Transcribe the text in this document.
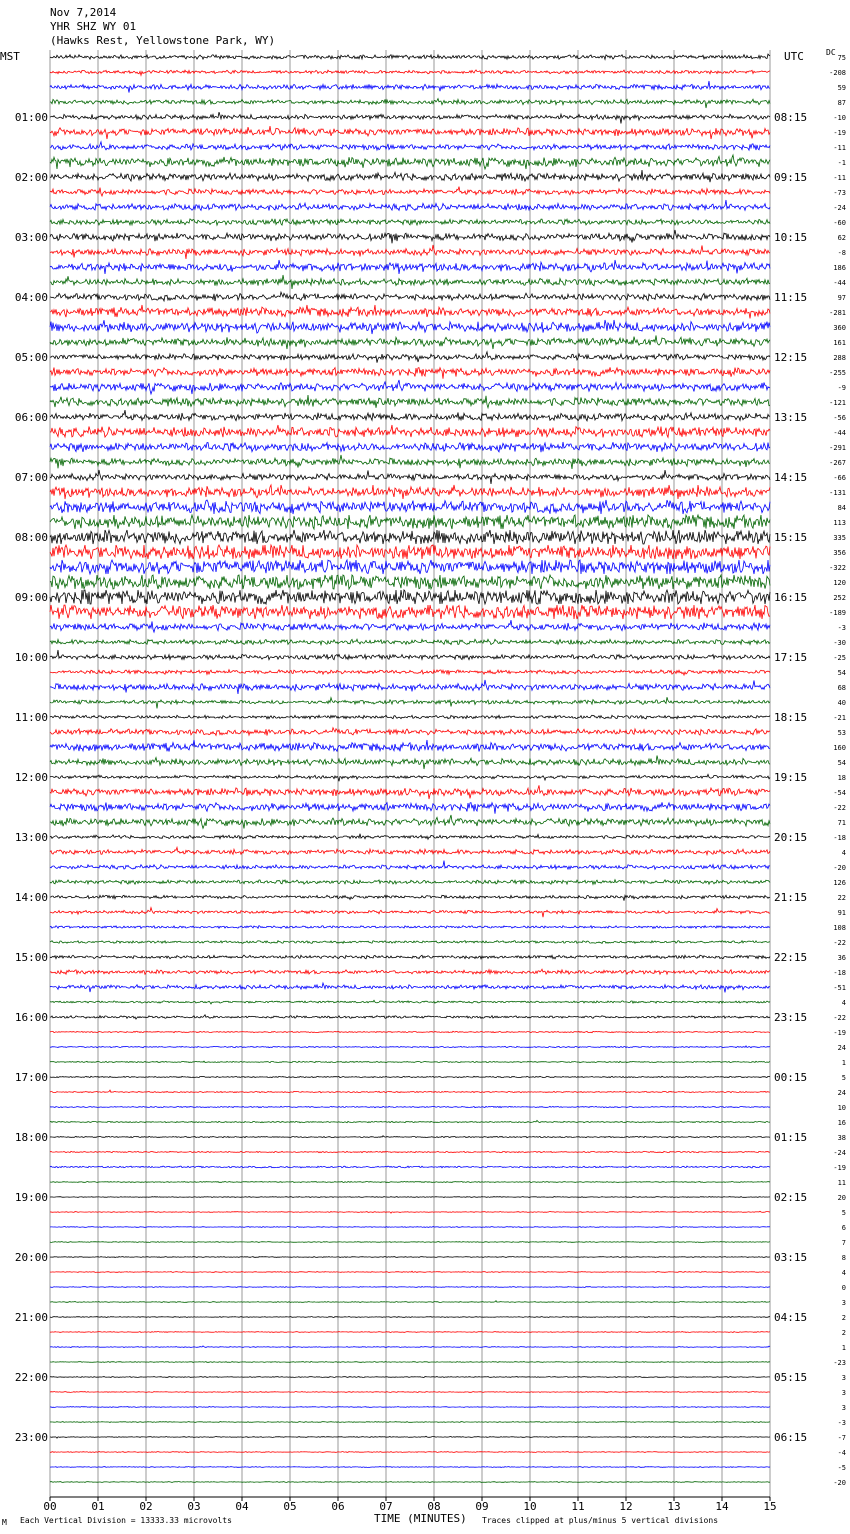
Nov 7,2014
YHR SHZ WY 01
(Hawks Rest, Yellowstone Park, WY)
MST	UTC	DC
75
-208
59
87
-10
-19
-11
-1
-11
-73
-24
-60
62
-8
186
-44
97
-281
360
161
288
-255
-9
-121
-56
-44
-291
-267
-66
-131
84
113
335
356
-322
120
252
-189
-3
-30
-25
54
68
40
-21
53
160
54
18
-54
-22
71
-18
4
-20
126
22
91
108
-22
36
-18
-51
4
-22
-19
24
1
5
24
10
16
38
-24
-19
11
20
5
6
7
8
4
0
3
2
2
1
-23
3
3
3
-3
-7
-4
-5
-20
01:00
02:00
03:00
04:00
05:00
06:00
07:00
08:00
09:00
10:00
11:00
12:00
13:00
14:00
15:00
16:00
17:00
18:00
19:00
20:00
21:00
22:00
23:00
08:15
09:15
10:15
11:15
12:15
13:15
14:15
15:15
16:15
17:15
18:15
19:15
20:15
21:15
22:15
23:15
00:15
01:15
02:15
03:15
04:15
05:15
06:15
00	01	02	03	04	05	06	07	08	09	10	11	12	13	14	15
M Each Vertical Division = 13333.33 microvolts	TIME (MINUTES) Traces clipped at plus/minus 5 vertical divisions
